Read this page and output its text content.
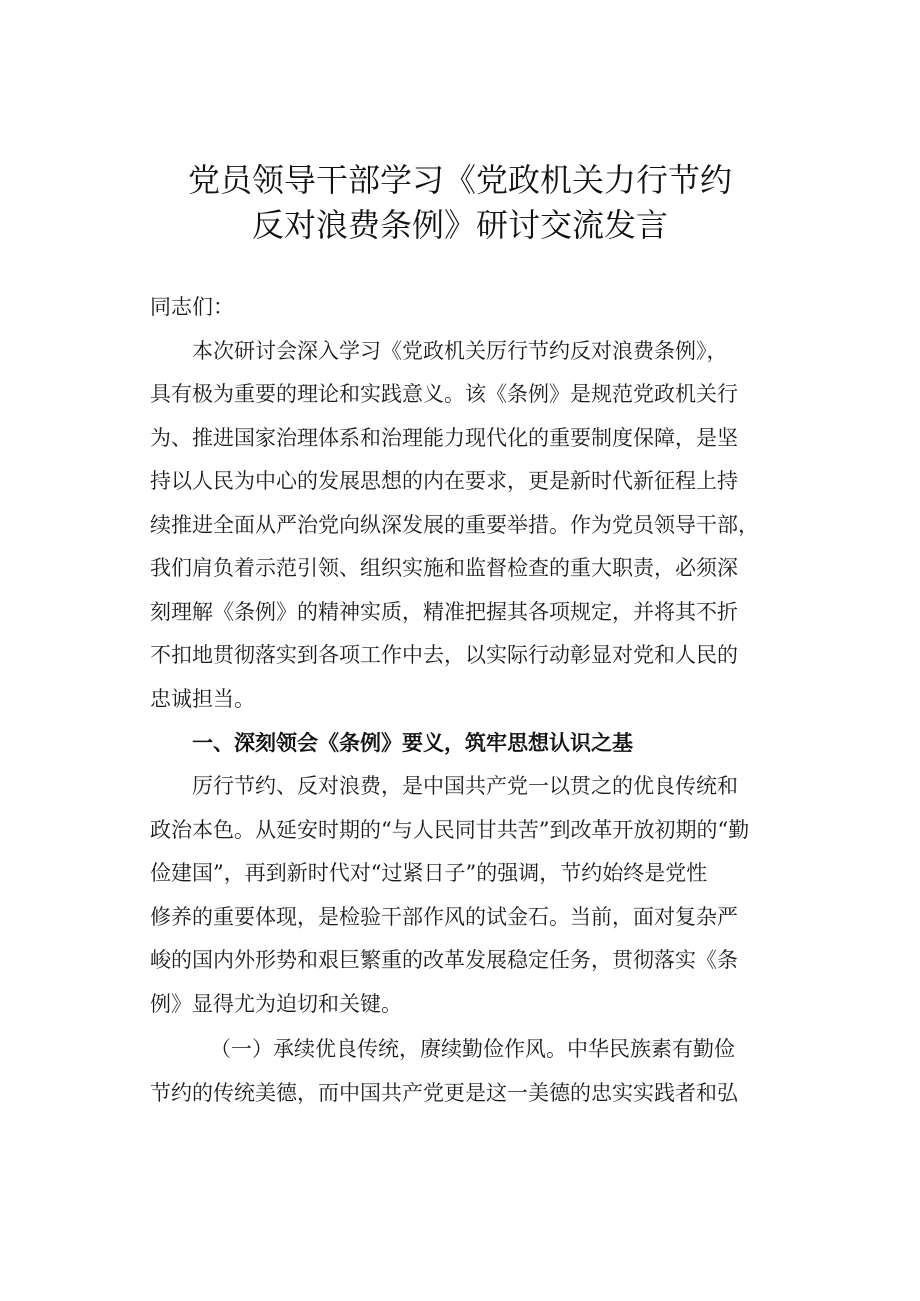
党员领导干部学习《党政机关力行节约
反对浪费条例》研讨交流发言
同志们：
本次研讨会深入学习《党政机关厉行节约反对浪费条例》，
具有极为重要的理论和实践意义。该《条例》是规范党政机关行
为、推进国家治理体系和治理能力现代化的重要制度保障，是坚
持以人民为中心的发展思想的内在要求，更是新时代新征程上持
续推进全面从严治党向纵深发展的重要举措。作为党员领导干部，
我们肩负着示范引领、组织实施和监督检查的重大职责，必须深
刻理解《条例》的精神实质，精准把握其各项规定，并将其不折
不扣地贯彻落实到各项工作中去，以实际行动彰显对党和人民的
忠诚担当。
一、深刻领会《条例》要义，筑牢思想认识之基
厉行节约、反对浪费，是中国共产党一以贯之的优良传统和
政治本色。从延安时期的“与人民同甘共苦”到改革开放初期的“勤
俭建国”，再到新时代对“过紧日子”的强调，节约始终是党性
修养的重要体现，是检验干部作风的试金石。当前，面对复杂严
峻的国内外形势和艰巨繁重的改革发展稳定任务，贯彻落实《条
例》显得尤为迫切和关键。
（一）承续优良传统，赓续勤俭作风。中华民族素有勤俭
节约的传统美德，而中国共产党更是这一美德的忠实实践者和弘
